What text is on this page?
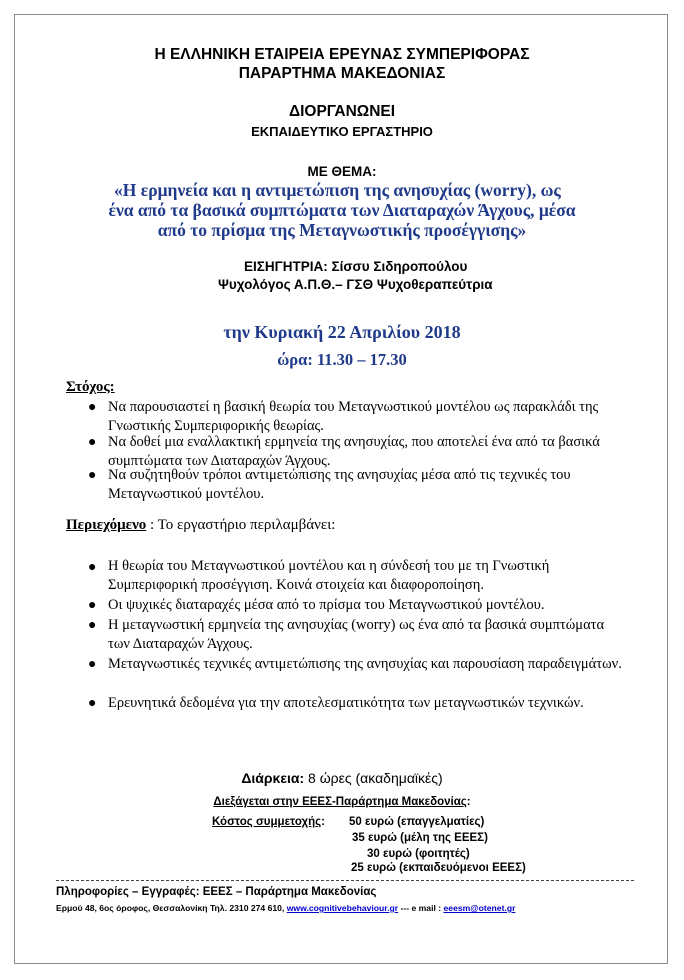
Η ΕΛΛΗΝΙΚΗ ΕΤΑΙΡΕΙΑ ΕΡΕΥΝΑΣ ΣΥΜΠΕΡΙΦΟΡΑΣ
ΠΑΡΑΡΤΗΜΑ ΜΑΚΕΔΟΝΙΑΣ
ΔΙΟΡΓΑΝΩΝΕΙ
ΕΚΠΑΙΔΕΥΤΙΚΟ ΕΡΓΑΣΤΗΡΙΟ
ΜΕ ΘΕΜΑ:
«Η ερμηνεία και η αντιμετώπιση της ανησυχίας (worry), ως
ένα από τα βασικά συμπτώματα των Διαταραχών Άγχους, μέσα
από το πρίσμα της Μεταγνωστικής προσέγγισης»
ΕΙΣΗΓΗΤΡΙΑ: Σίσσυ Σιδηροπούλου
Ψυχολόγος Α.Π.Θ.– ΓΣΘ Ψυχοθεραπεύτρια
την Κυριακή 22 Απριλίου 2018
ώρα: 11.30 – 17.30
Στόχος:
● Να παρουσιαστεί η βασική θεωρία του Μεταγνωστικού μοντέλου ως παρακλάδι της Γνωστικής Συμπεριφορικής θεωρίας.
● Να δοθεί μια εναλλακτική ερμηνεία της ανησυχίας, που αποτελεί ένα από τα βασικά συμπτώματα των Διαταραχών Άγχους.
● Να συζητηθούν τρόποι αντιμετώπισης της ανησυχίας μέσα από τις τεχνικές του Μεταγνωστικού μοντέλου.
Περιεχόμενο : Το εργαστήριο περιλαμβάνει:
● Η θεωρία του Μεταγνωστικού μοντέλου και η σύνδεσή του με τη Γνωστική Συμπεριφορική προσέγγιση. Κοινά στοιχεία και διαφοροποίηση.
● Οι ψυχικές διαταραχές μέσα από το πρίσμα του Μεταγνωστικού μοντέλου.
● Η μεταγνωστική ερμηνεία της ανησυχίας (worry) ως ένα από τα βασικά συμπτώματα των Διαταραχών Άγχους.
● Μεταγνωστικές τεχνικές αντιμετώπισης της ανησυχίας και παρουσίαση παραδειγμάτων.
● Ερευνητικά δεδομένα για την αποτελεσματικότητα των μεταγνωστικών τεχνικών.
Διάρκεια: 8 ώρες (ακαδημαϊκές)
Διεξάγεται στην ΕΕΕΣ-Παράρτημα Μακεδονίας:
Κόστος συμμετοχής: 50 ευρώ (επαγγελματίες)
35 ευρώ (μέλη της ΕΕΕΣ)
30 ευρώ (φοιτητές)
25 ευρώ (εκπαιδευόμενοι ΕΕΕΣ)
Πληροφορίες – Εγγραφές: ΕΕΕΣ – Παράρτημα Μακεδονίας
Ερμού 48, 6ος όροφος, Θεσσαλονίκη Τηλ. 2310 274 610, www.cognitivebehaviour.gr --- e mail : eeesm@otenet.gr
